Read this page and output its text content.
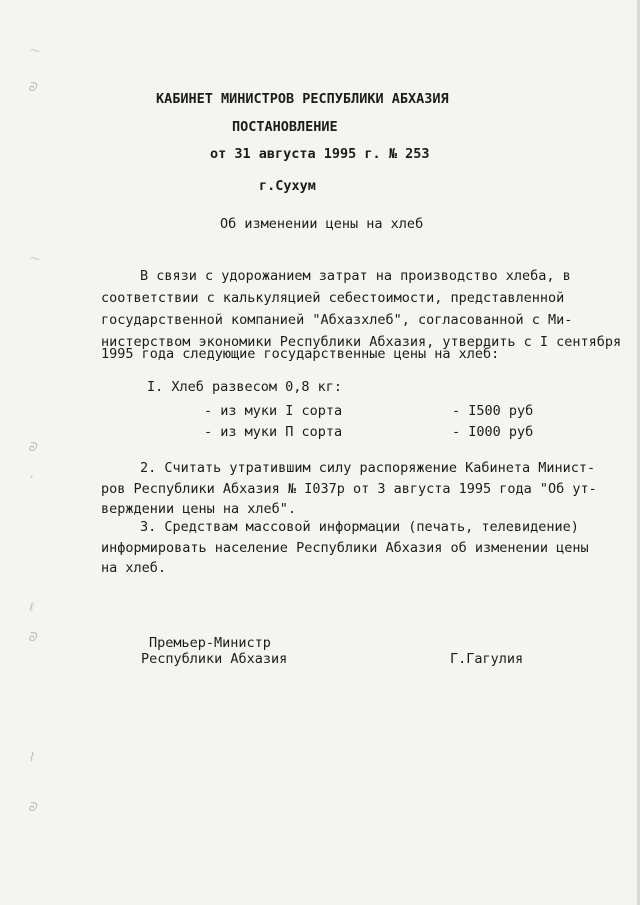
〜
ᘐ
〜
ᘐ
·
ℓ
ᘐ
⌇
ᘐ
КАБИНЕТ МИНИСТРОВ РЕСПУБЛИКИ АБХАЗИЯ
ПОСТАНОВЛЕНИЕ
от 31 августа 1995 г. № 253
г.Сухум
Об изменении цены на хлеб
В связи с удорожанием затрат на производство хлеба, в
соответствии с калькуляцией себестоимости, представленной
государственной компанией "Абхазхлеб", согласованной с Ми-
нистерством экономики Республики Абхазия, утвердить с I сентября
1995 года следующие государственные цены на хлеб:
I. Хлеб развесом 0,8 кг:
- из муки I сорта	- I500 руб
- из муки П сорта	- I000 руб
2. Считать утратившим силу распоряжение Кабинета Минист-
ров Республики Абхазия № I037р от 3 августа 1995 года "Об ут-
верждении цены на хлеб".
3. Средствам массовой информации (печать, телевидение)
информировать население Республики Абхазия об изменении цены
на хлеб.
Премьер-Министр
Республики Абхазия	Г.Гагулия
